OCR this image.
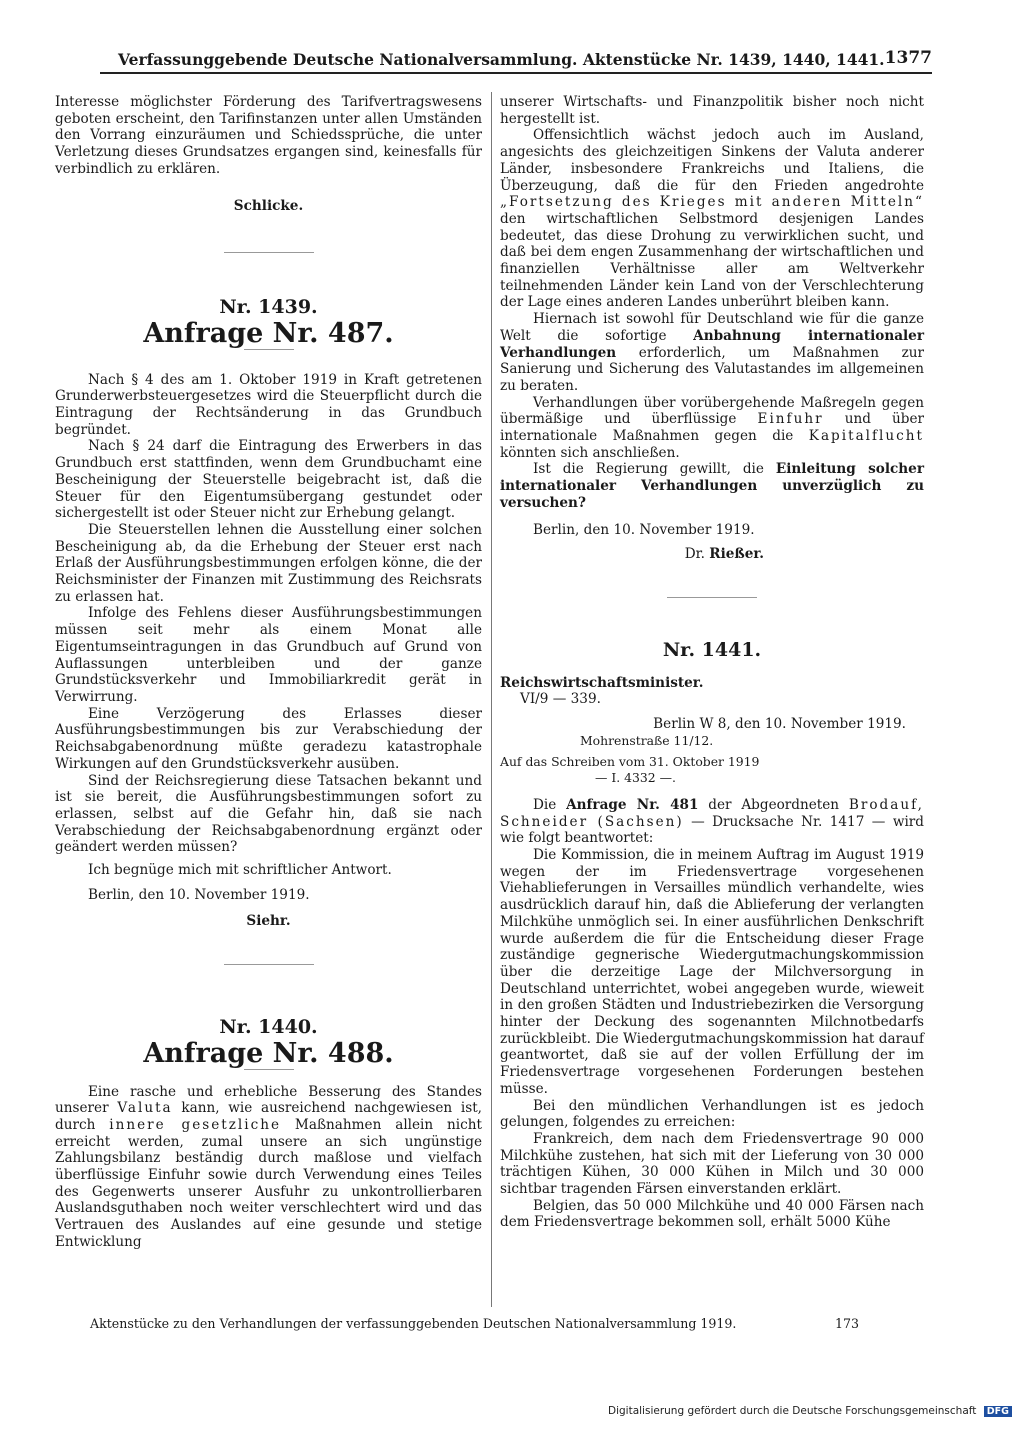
Verfassunggebende Deutsche Nationalversammlung. Aktenstücke Nr. 1439, 1440, 1441. 1377

Interesse möglichster Förderung des Tarifvertragswesens geboten erscheint, den Tarifinstanzen unter allen Umständen den Vorrang einzuräumen und Schiedssprüche, die unter Verletzung dieses Grundsatzes ergangen sind, keinesfalls für verbindlich zu erklären.

Schlicke.

Nr. 1439.

Anfrage Nr. 487.

Nach § 4 des am 1. Oktober 1919 in Kraft getretenen Grunderwerbsteuergesetzes wird die Steuerpflicht durch die Eintragung der Rechtsänderung in das Grundbuch begründet.

Nach § 24 darf die Eintragung des Erwerbers in das Grundbuch erst stattfinden, wenn dem Grundbuchamt eine Bescheinigung der Steuerstelle beigebracht ist, daß die Steuer für den Eigentumsübergang gestundet oder sichergestellt ist oder Steuer nicht zur Erhebung gelangt.

Die Steuerstellen lehnen die Ausstellung einer solchen Bescheinigung ab, da die Erhebung der Steuer erst nach Erlaß der Ausführungsbestimmungen erfolgen könne, die der Reichsminister der Finanzen mit Zustimmung des Reichsrats zu erlassen hat.

Infolge des Fehlens dieser Ausführungsbestimmungen müssen seit mehr als einem Monat alle Eigentumseintragungen in das Grundbuch auf Grund von Auflassungen unterbleiben und der ganze Grundstücksverkehr und Immobiliarkredit gerät in Verwirrung.

Eine Verzögerung des Erlasses dieser Ausführungsbestimmungen bis zur Verabschiedung der Reichsabgabenordnung müßte geradezu katastrophale Wirkungen auf den Grundstücksverkehr ausüben.

Sind der Reichsregierung diese Tatsachen bekannt und ist sie bereit, die Ausführungsbestimmungen sofort zu erlassen, selbst auf die Gefahr hin, daß sie nach Verabschiedung der Reichsabgabenordnung ergänzt oder geändert werden müssen?

Ich begnüge mich mit schriftlicher Antwort.

Berlin, den 10. November 1919.

Siehr.

Nr. 1440.

Anfrage Nr. 488.

Eine rasche und erhebliche Besserung des Standes unserer Valuta kann, wie ausreichend nachgewiesen ist, durch innere gesetzliche Maßnahmen allein nicht erreicht werden, zumal unsere an sich ungünstige Zahlungsbilanz beständig durch maßlose und vielfach überflüssige Einfuhr sowie durch Verwendung eines Teiles des Gegenwerts unserer Ausfuhr zu unkontrollierbaren Auslandsguthaben noch weiter verschlechtert wird und das Vertrauen des Auslandes auf eine gesunde und stetige Entwicklung

unserer Wirtschafts- und Finanzpolitik bisher noch nicht hergestellt ist.

Offensichtlich wächst jedoch auch im Ausland, angesichts des gleichzeitigen Sinkens der Valuta anderer Länder, insbesondere Frankreichs und Italiens, die Überzeugung, daß die für den Frieden angedrohte „Fortsetzung des Krieges mit anderen Mitteln“ den wirtschaftlichen Selbstmord desjenigen Landes bedeutet, das diese Drohung zu verwirklichen sucht, und daß bei dem engen Zusammenhang der wirtschaftlichen und finanziellen Verhältnisse aller am Weltverkehr teilnehmenden Länder kein Land von der Verschlechterung der Lage eines anderen Landes unberührt bleiben kann.

Hiernach ist sowohl für Deutschland wie für die ganze Welt die sofortige Anbahnung internationaler Verhandlungen erforderlich, um Maßnahmen zur Sanierung und Sicherung des Valutastandes im allgemeinen zu beraten.

Verhandlungen über vorübergehende Maßregeln gegen übermäßige und überflüssige Einfuhr und über internationale Maßnahmen gegen die Kapitalflucht könnten sich anschließen.

Ist die Regierung gewillt, die Einleitung solcher internationaler Verhandlungen unverzüglich zu versuchen?

Berlin, den 10. November 1919.

Dr. Rießer.

Nr. 1441.

Reichswirtschaftsminister.

VI/9 — 339.

Berlin W 8, den 10. November 1919.

Mohrenstraße 11/12.

Auf das Schreiben vom 31. Oktober 1919

— I. 4332 —.

Die Anfrage Nr. 481 der Abgeordneten Brodauf, Schneider (Sachsen) — Drucksache Nr. 1417 — wird wie folgt beantwortet:

Die Kommission, die in meinem Auftrag im August 1919 wegen der im Friedensvertrage vorgesehenen Viehablieferungen in Versailles mündlich verhandelte, wies ausdrücklich darauf hin, daß die Ablieferung der verlangten Milchkühe unmöglich sei. In einer ausführlichen Denkschrift wurde außerdem die für die Entscheidung dieser Frage zuständige gegnerische Wiedergutmachungskommission über die derzeitige Lage der Milchversorgung in Deutschland unterrichtet, wobei angegeben wurde, wieweit in den großen Städten und Industriebezirken die Versorgung hinter der Deckung des sogenannten Milchnotbedarfs zurückbleibt. Die Wiedergutmachungskommission hat darauf geantwortet, daß sie auf der vollen Erfüllung der im Friedensvertrage vorgesehenen Forderungen bestehen müsse.

Bei den mündlichen Verhandlungen ist es jedoch gelungen, folgendes zu erreichen:

Frankreich, dem nach dem Friedensvertrage 90 000 Milchkühe zustehen, hat sich mit der Lieferung von 30 000 trächtigen Kühen, 30 000 Kühen in Milch und 30 000 sichtbar tragenden Färsen einverstanden erklärt.

Belgien, das 50 000 Milchkühe und 40 000 Färsen nach dem Friedensvertrage bekommen soll, erhält 5000 Kühe

Aktenstücke zu den Verhandlungen der verfassunggebenden Deutschen Nationalversammlung 1919.	173
Digitalisierung gefördert durch die Deutsche Forschungsgemeinschaft DFG
